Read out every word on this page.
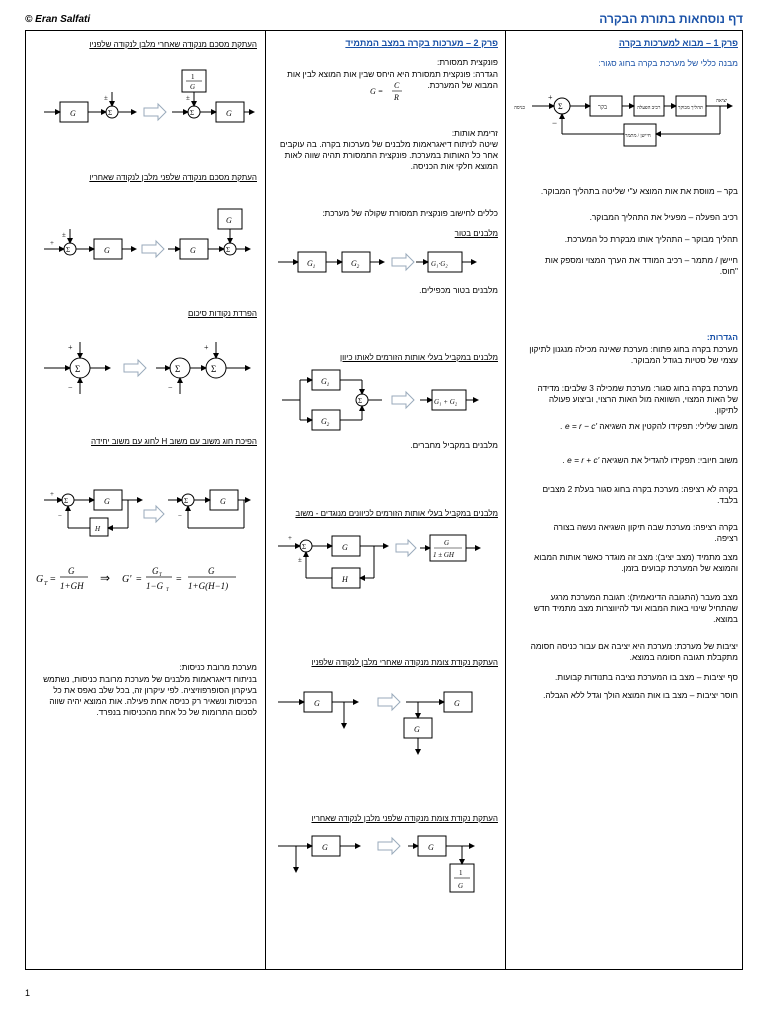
© Eran Salfati	דף נוסחאות בתורת הבקרה
1
פרק 1 – מבוא למערכות בקרה
מבנה כללי של מערכת בקרה בחוג סגור:
כניסה	Σ
+
−
בקר	רכיב הפעלה	תהליך מבוקר
יציאה
חיישן / מתמר
בקר – מווסת את אות המוצא ע"י שליטה בתהליך המבוקר.
רכיב הפעלה – מפעיל את התהליך המבוקר.
תהליך מבוקר – התהליך אותו מבקרת כל המערכת.
חיישן / מתמר – רכיב המודד את הערך המצוי ומספק אות "חוס.
הגדרות:
מערכת בקרה בחוג פתוח: מערכת שאינה מכילה מנגנון לתיקון עצמי של סטיות בגודל המבוקר.
מערכת בקרה בחוג סגור: מערכת שמכילה 3 שלבים: מדידה של האות המצוי, השוואה מול האות הרצוי, וביצוע פעולה לתיקון.
משוב שלילי: תפקידו להקטין את השגיאה . e = r − c'
משוב חיובי: תפקידו להגדיל את השגיאה . e = r + c'
בקרה לא רציפה: מערכת בקרה בחוג סגור בעלת 2 מצבים בלבד.
בקרה רציפה: מערכת שבה תיקון השגיאה נעשה בצורה רציפה.
מצב מתמיד (מצב יציב): מצב זה מוגדר כאשר אותות המבוא והמוצא של המערכת קבועים בזמן.
מצב מעבר (התגובה הדינאמית): תגובת המערכת מרגע שהתחיל שינוי באות המבוא ועד להיווצרות מצב מתמיד חדש במוצא.
יציבות של מערכת: מערכת היא יציבה אם עבור כניסה חסומה מתקבלת תגובה חסומה במוצא.
סף יציבות – מצב בו המערכת נציבה בתנודות קבועות.
חוסר יציבות – מצב בו אות המוצא הולך וגדל ללא הגבלה.
פרק 2 – מערכות בקרה במצב המתמיד
פונקצית תמסורת:
הגדרה: פונקצית תמסורת היא היחס שבין אות המוצא לבין אות המבוא של המערכת.
G =
C
R
זרימת אותות:
שיטה לניתוח דיאגראמות מלבנים של מערכות בקרה. בה עוקבים אחר כל האותות במערכת. פונקצית התמסורת תהיה שווה לאות המוצא חלקי אות הכניסה.
כללים לחישוב פונקצית תמסורת שקולה של מערכת:
מלבנים בטור
$G_1$	$G_2$	G₁·G₂
מלבנים בטור מכפילים.
מלבנים במקביל בעלי אותות הזורמים לאותו כיוון
$G_1$
$G_2$
Σ	G₁ + G₂
מלבנים במקביל מחברים.
מלבנים במקביל בעלי אותות הזורמים לכיוונים מנוגדים - משוב
+
Σ
±
G
H
G
1 ± GH
העתקת נקודת צומת מנקודה שאחרי מלבן לנקודה שלפניו
G	G
G
העתקת נקודת צומת מנקודה שלפני מלבן לנקודה שאחריו
G	G
1
G
העתקת מסכם מנקודה שאחרי מלבן לנקודה שלפניו
G	Σ
±
Σ
1
G
±
G
העתקת מסכם מנקודה שלפני מלבן לנקודה שאחריו
+
Σ
±
G	G	Σ
G
הפרדת נקודות סיכום
Σ
+
−
Σ
−
Σ
+
הפיכת חוג משוב עם משוב H לחוג עם משוב יחידה
+
Σ	G
H
−
Σ	G
−
G T =
G
1+GH
⇒ G' =
G T
1−G T
=
G
1+G(H−1)
מערכת מרובת כניסות:
בניתוח דיאגראמות מלבנים של מערכת מרובת כניסות, נשתמש בעיקרון הסופרפוזיציה. לפי עיקרון זה, בכל שלב נאפס את כל הכניסות ונשאיר רק כניסה אחת פעילה. אות המוצא יהיה שווה לסכום התרומות של כל אחת מהכניסות בנפרד.
